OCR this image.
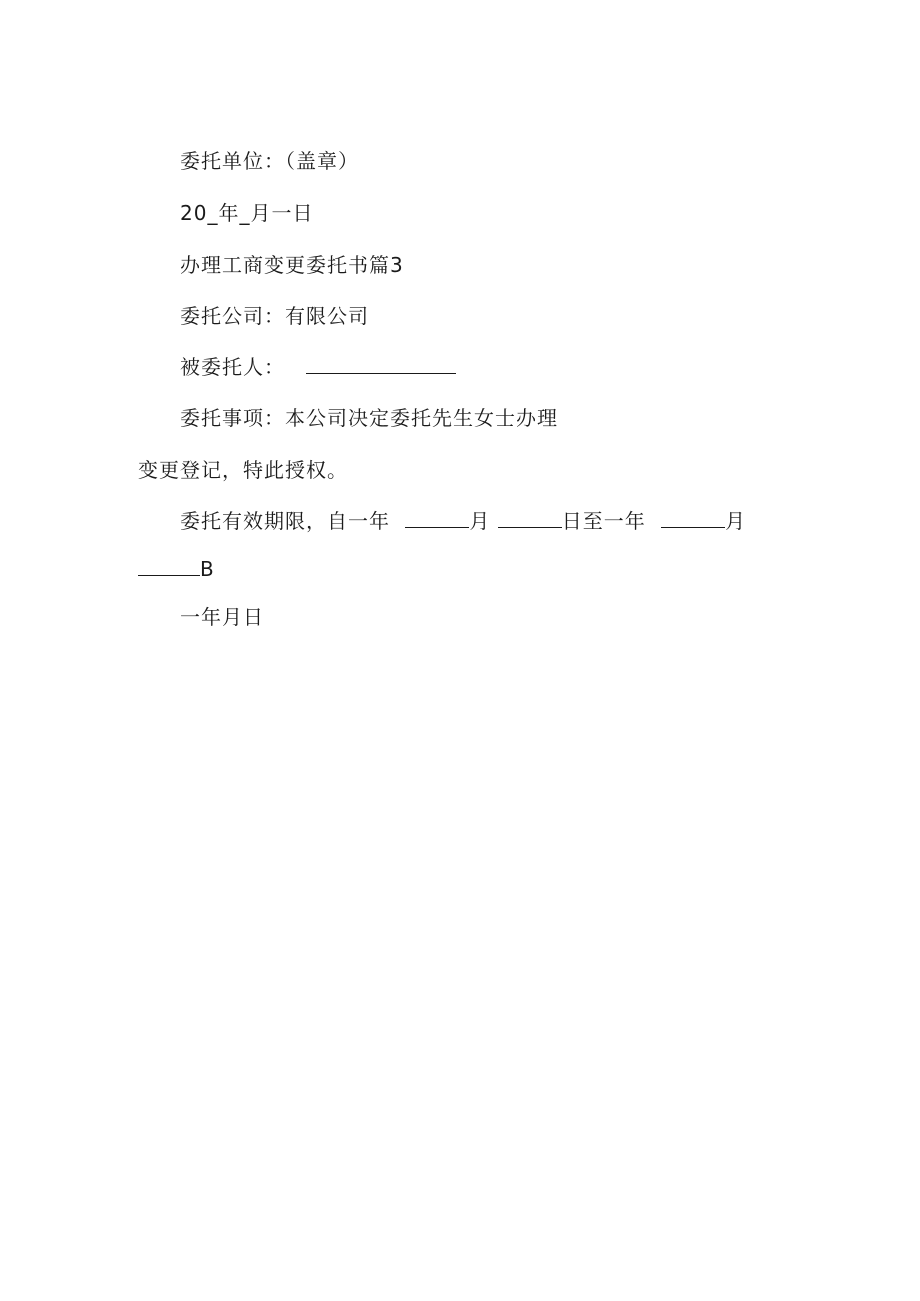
委托单位：（盖章）
20_年_月一日
办理工商变更委托书篇3
委托公司：有限公司
被委托人：
委托事项：本公司决定委托先生女士办理
变更登记，特此授权。
委托有效期限，自一年	月	日至一年	月
B
一年月日
